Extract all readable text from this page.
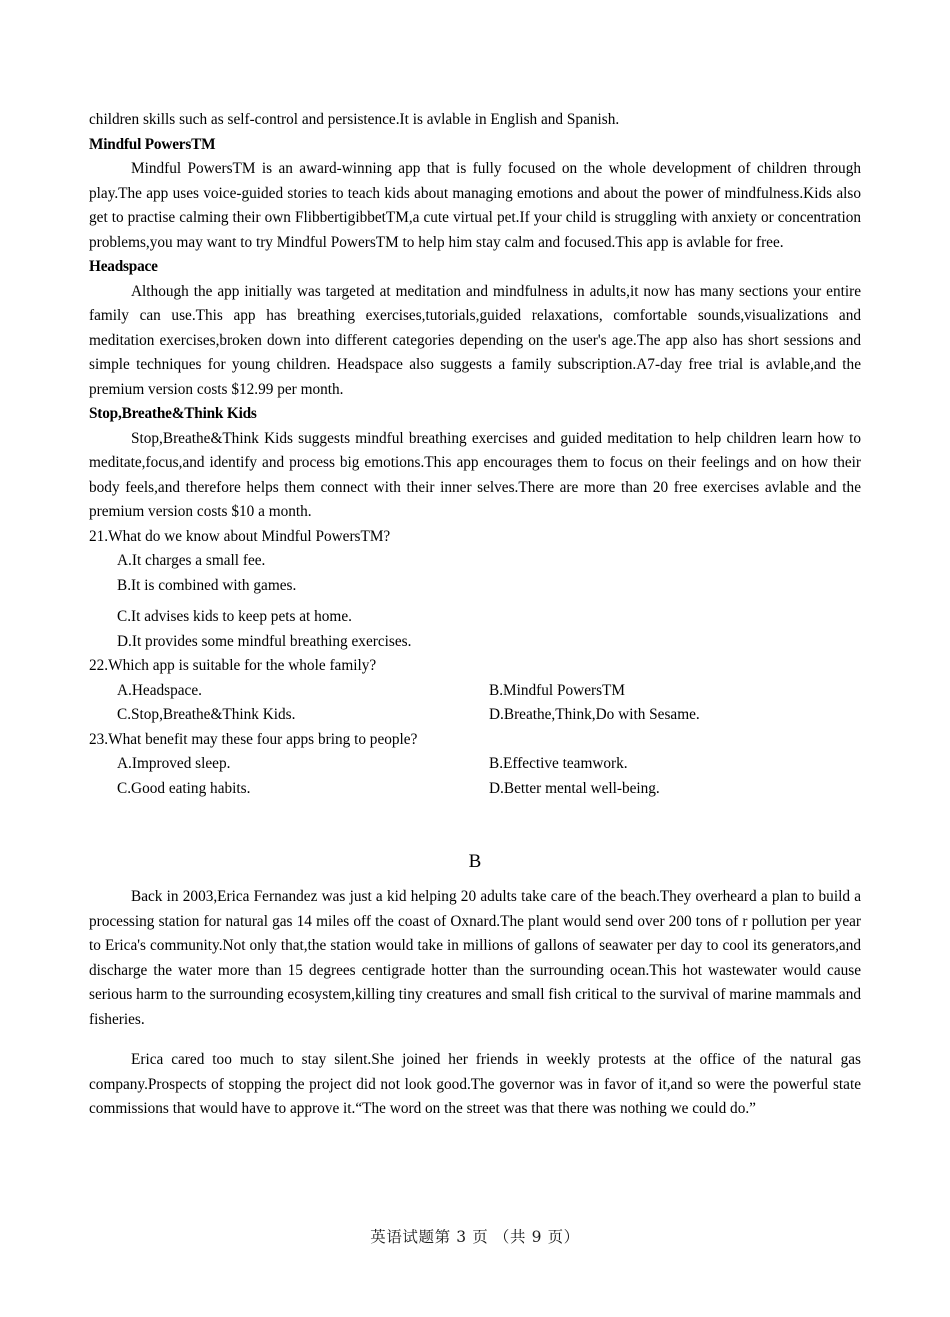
children skills such as self-control and persistence.It is avlable in English and Spanish.

Mindful PowersTM

Mindful PowersTM is an award-winning app that is fully focused on the whole development of children through play.The app uses voice-guided stories to teach kids about managing emotions and about the power of mindfulness.Kids also get to practise calming their own FlibbertigibbetTM,a cute virtual pet.If your child is struggling with anxiety or concentration problems,you may want to try Mindful PowersTM to help him stay calm and focused.This app is avlable for free.

Headspace

Although the app initially was targeted at meditation and mindfulness in adults,it now has many sections your entire family can use.This app has breathing exercises,tutorials,guided relaxations, comfortable sounds,visualizations and meditation exercises,broken down into different categories depending on the user's age.The app also has short sessions and simple techniques for young children. Headspace also suggests a family subscription.A7-day free trial is avlable,and the premium version costs $12.99 per month.

Stop,Breathe&Think Kids

Stop,Breathe&Think Kids suggests mindful breathing exercises and guided meditation to help children learn how to meditate,focus,and identify and process big emotions.This app encourages them to focus on their feelings and on how their body feels,and therefore helps them connect with their inner selves.There are more than 20 free exercises avlable and the premium version costs $10 a month.

21.What do we know about Mindful PowersTM?

A.It charges a small fee.

B.It is combined with games.

C.It advises kids to keep pets at home.

D.It provides some mindful breathing exercises.

22.Which app is suitable for the whole family?

A.Headspace.	B.Mindful PowersTM
C.Stop,Breathe&Think Kids.	D.Breathe,Think,Do with Sesame.

23.What benefit may these four apps bring to people?

A.Improved sleep.	B.Effective teamwork.
C.Good eating habits.	D.Better mental well-being.

B

Back in 2003,Erica Fernandez was just a kid helping 20 adults take care of the beach.They overheard a plan to build a processing station for natural gas 14 miles off the coast of Oxnard.The plant would send over 200 tons of r pollution per year to Erica's community.Not only that,the station would take in millions of gallons of seawater per day to cool its generators,and discharge the water more than 15 degrees centigrade hotter than the surrounding ocean.This hot wastewater would cause serious harm to the surrounding ecosystem,killing tiny creatures and small fish critical to the survival of marine mammals and fisheries.

Erica cared too much to stay silent.She joined her friends in weekly protests at the office of the natural gas company.Prospects of stopping the project did not look good.The governor was in favor of it,and so were the powerful state commissions that would have to approve it.“The word on the street was that there was nothing we could do.”

英语试题第 3 页 （共 9 页）
